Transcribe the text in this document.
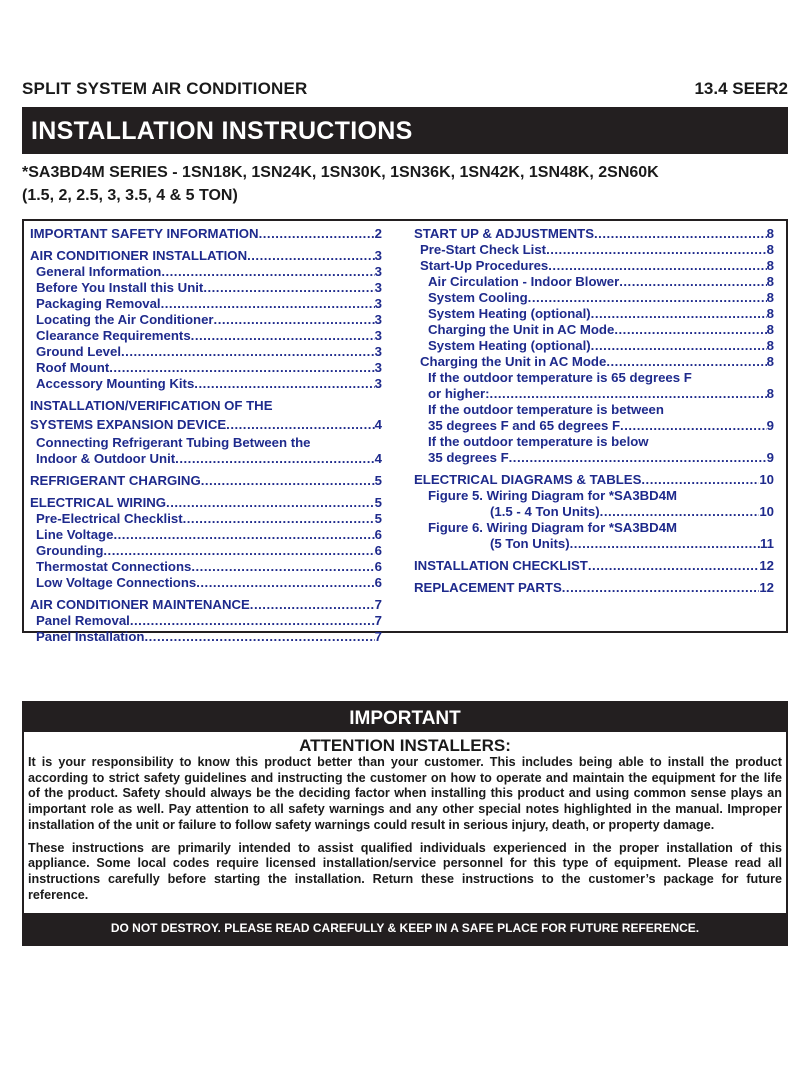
SPLIT SYSTEM AIR CONDITIONER	13.4 SEER2
INSTALLATION INSTRUCTIONS
*SA3BD4M SERIES - 1SN18K, 1SN24K, 1SN30K, 1SN36K, 1SN42K, 1SN48K, 2SN60K
(1.5, 2, 2.5, 3, 3.5, 4 & 5 TON)
IMPORTANT SAFETY INFORMATION .....	2
AIR CONDITIONER INSTALLATION .....	3
General Information .....	3
Before You Install this Unit .....	3
Packaging Removal .....	3
Locating the Air Conditioner .....	3
Clearance Requirements .....	3
Ground Level .....	3
Roof Mount .....	3
Accessory Mounting Kits .....	3
INSTALLATION/VERIFICATION OF THE
SYSTEMS EXPANSION DEVICE .....	4
Connecting Refrigerant Tubing Between the
Indoor & Outdoor Unit .....	4
REFRIGERANT CHARGING .....	5
ELECTRICAL WIRING .....	5
Pre-Electrical Checklist .....	5
Line Voltage .....	6
Grounding .....	6
Thermostat Connections .....	6
Low Voltage Connections .....	6
AIR CONDITIONER MAINTENANCE .....	7
Panel Removal .....	7
Panel Installation .....	7
START UP & ADJUSTMENTS .....	8
Pre-Start Check List .....	8
Start-Up Procedures .....	8
Air Circulation - Indoor Blower .....	8
System Cooling .....	8
System Heating (optional) .....	8
Charging the Unit in AC Mode .....	8
System Heating (optional) .....	8
Charging the Unit in AC Mode .....	8
If the outdoor temperature is 65 degrees F
or higher: .....	8
If the outdoor temperature is between
35 degrees F and 65 degrees F .....	9
If the outdoor temperature is below
35 degrees F .....	9
ELECTRICAL DIAGRAMS & TABLES .....	10
Figure 5. Wiring Diagram for *SA3BD4M
(1.5 - 4 Ton Units) .....	10
Figure 6. Wiring Diagram for *SA3BD4M
(5 Ton Units) .....	11
INSTALLATION CHECKLIST .....	12
REPLACEMENT PARTS .....	12
IMPORTANT
ATTENTION INSTALLERS:

It is your responsibility to know this product better than your customer. This includes being able to install the product according to strict safety guidelines and instructing the customer on how to operate and maintain the equipment for the life of the product. Safety should always be the deciding factor when installing this product and using common sense plays an important role as well. Pay attention to all safety warnings and any other special notes highlighted in the manual. Improper installation of the unit or failure to follow safety warnings could result in serious injury, death, or property damage.

These instructions are primarily intended to assist qualified individuals experienced in the proper installation of this appliance. Some local codes require licensed installation/service personnel for this type of equipment. Please read all instructions carefully before starting the installation. Return these instructions to the customer’s package for future reference.

DO NOT DESTROY. PLEASE READ CAREFULLY & KEEP IN A SAFE PLACE FOR FUTURE REFERENCE.
